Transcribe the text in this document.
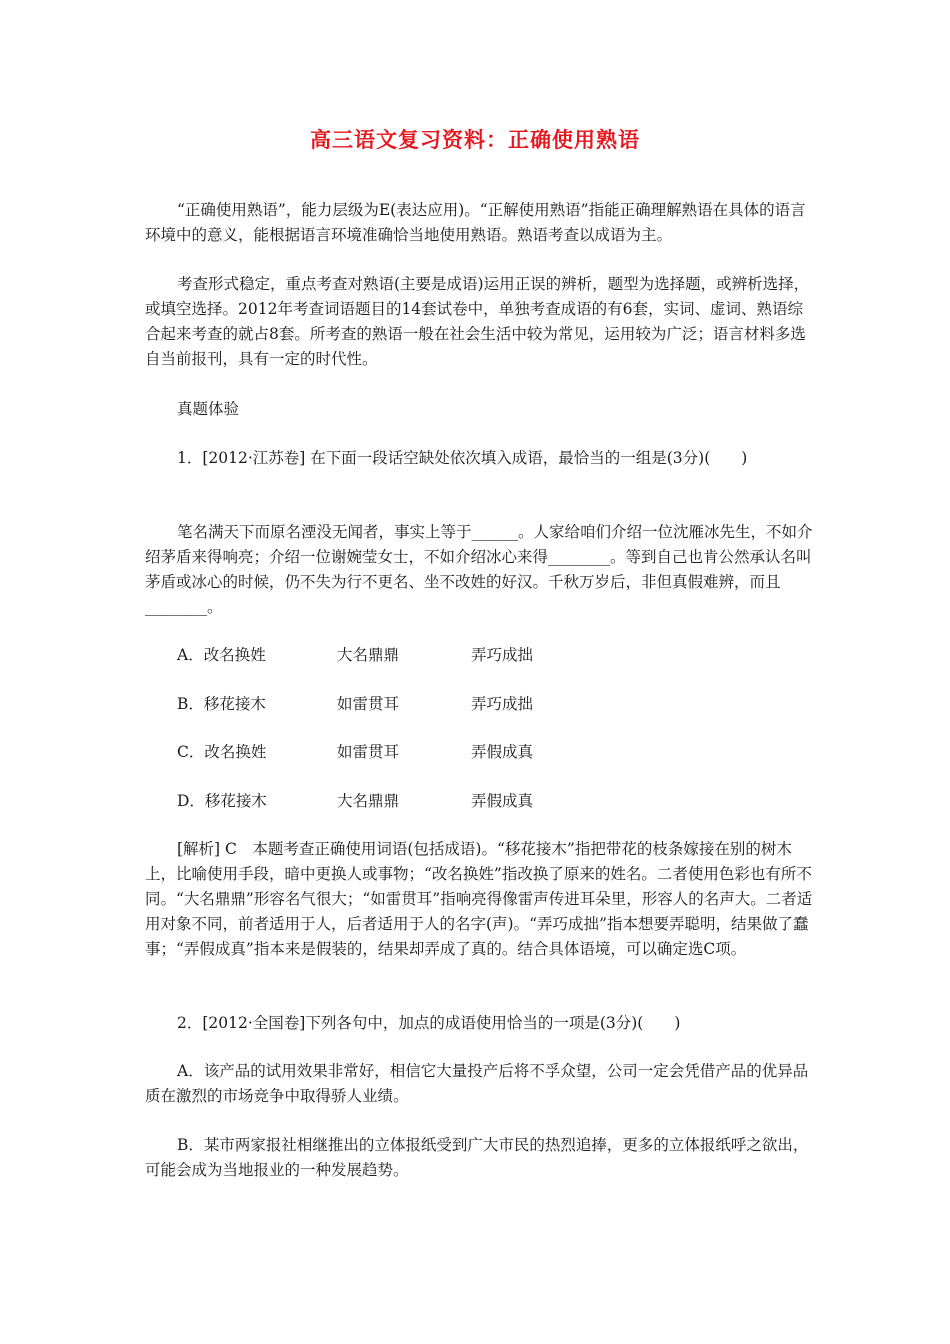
高三语文复习资料：正确使用熟语

“正确使用熟语”，能力层级为E(表达应用)。“正解使用熟语”指能正确理解熟语在具体的语言环境中的意义，能根据语言环境准确恰当地使用熟语。熟语考查以成语为主。

考查形式稳定，重点考查对熟语(主要是成语)运用正误的辨析，题型为选择题，或辨析选择，或填空选择。2012年考查词语题目的14套试卷中，单独考查成语的有6套，实词、虚词、熟语综合起来考查的就占8套。所考查的熟语一般在社会生活中较为常见，运用较为广泛；语言材料多选自当前报刊，具有一定的时代性。

真题体验

1．[2012·江苏卷] 在下面一段话空缺处依次填入成语，最恰当的一组是(3分)(　　)

笔名满天下而原名湮没无闻者，事实上等于______。人家给咱们介绍一位沈雁冰先生，不如介绍茅盾来得响亮；介绍一位谢婉莹女士，不如介绍冰心来得________。等到自己也肯公然承认名叫茅盾或冰心的时候，仍不失为行不更名、坐不改姓的好汉。千秋万岁后，非但真假难辨，而且________。

A．改名换姓	大名鼎鼎	弄巧成拙
B．移花接木	如雷贯耳	弄巧成拙
C．改名换姓	如雷贯耳	弄假成真
D．移花接木	大名鼎鼎	弄假成真

[解析] C　本题考查正确使用词语(包括成语)。“移花接木”指把带花的枝条嫁接在别的树木上，比喻使用手段，暗中更换人或事物；“改名换姓”指改换了原来的姓名。二者使用色彩也有所不同。“大名鼎鼎”形容名气很大；“如雷贯耳”指响亮得像雷声传进耳朵里，形容人的名声大。二者适用对象不同，前者适用于人，后者适用于人的名字(声)。“弄巧成拙”指本想要弄聪明，结果做了蠢事；“弄假成真”指本来是假装的，结果却弄成了真的。结合具体语境，可以确定选C项。

2．[2012·全国卷]下列各句中，加点的成语使用恰当的一项是(3分)(　　)

A．该产品的试用效果非常好，相信它大量投产后将不孚众望，公司一定会凭借产品的优异品质在激烈的市场竞争中取得骄人业绩。

B．某市两家报社相继推出的立体报纸受到广大市民的热烈追捧，更多的立体报纸呼之欲出，可能会成为当地报业的一种发展趋势。
